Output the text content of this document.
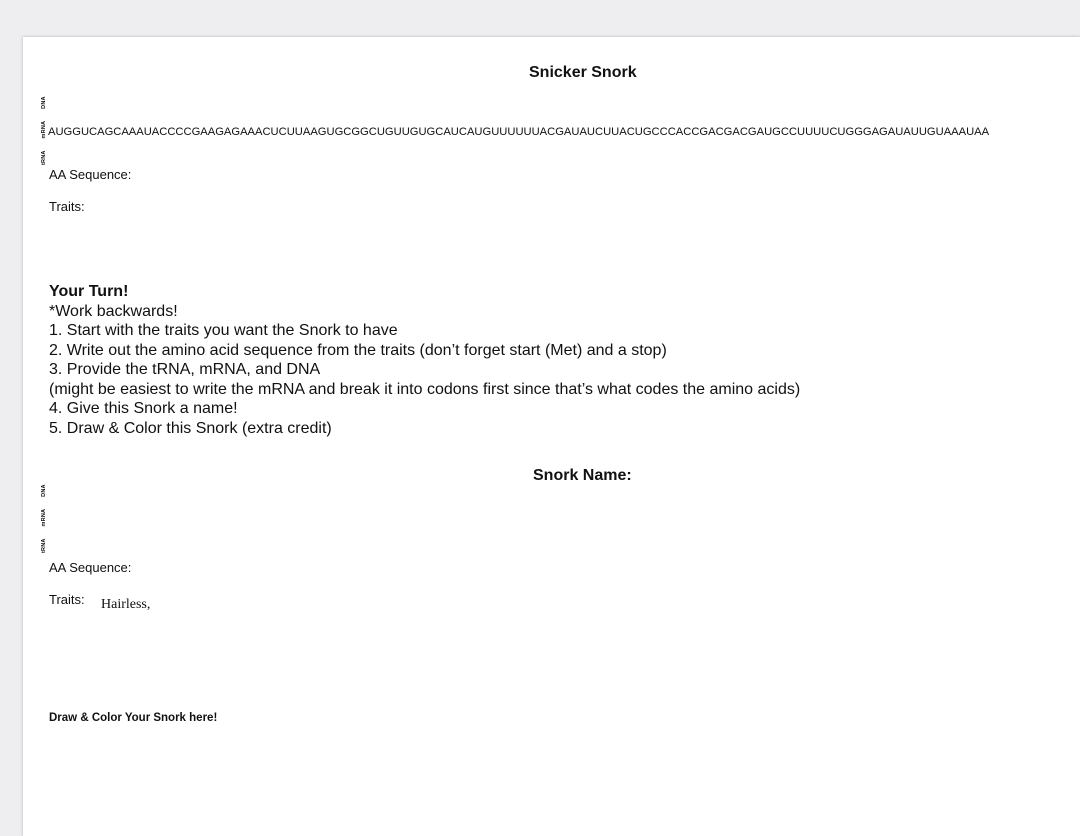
Snicker Snork
tRNA
mRNA
DNA
AUGGUCAGCAAAUACCCCGAAGAGAAACUCUUAAGUGCGGCUGUUGUGCAUCAUGUUUUUUACGAUAUCUUACUGCCCACCGACGACGAUGCCUUUUCUGGGAGAUAUUGUAAAUAA
AA Sequence:
Traits:
Your Turn!
*Work backwards!
1. Start with the traits you want the Snork to have
2. Write out the amino acid sequence from the traits (don’t forget start (Met) and a stop)
3. Provide the tRNA, mRNA, and DNA
(might be easiest to write the mRNA and break it into codons first since that’s what codes the amino acids)
4. Give this Snork a name!
5. Draw & Color this Snork (extra credit)
Snork Name:
tRNA
mRNA
DNA
AA Sequence:
Traits: Hairless,
Draw & Color Your Snork here!
